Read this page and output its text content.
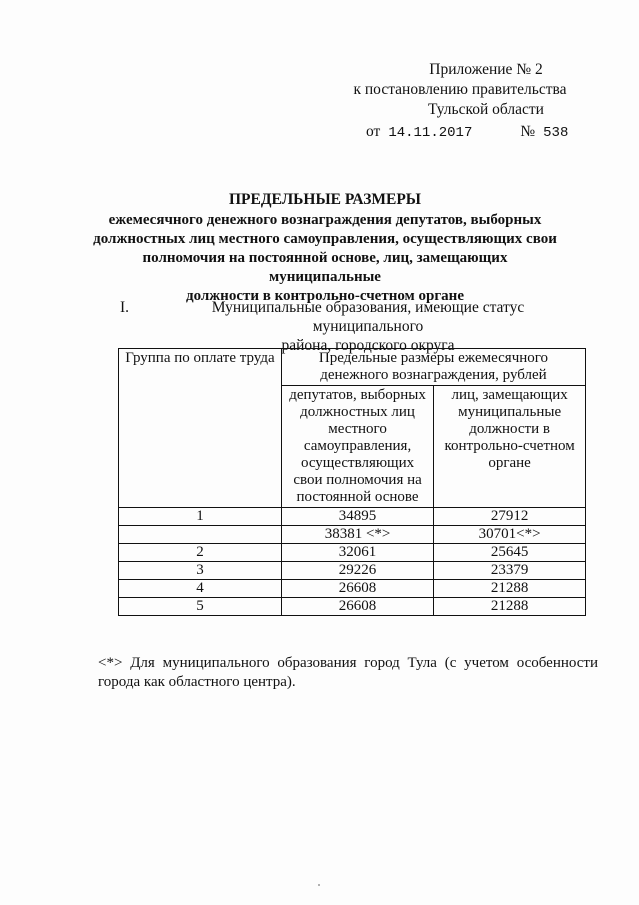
Приложение № 2
к постановлению правительства
Тульской области
от 14.11.2017	№ 538
ПРЕДЕЛЬНЫЕ РАЗМЕРЫ
ежемесячного денежного вознаграждения депутатов, выборных
должностных лиц местного самоуправления, осуществляющих свои
полномочия на постоянной основе, лиц, замещающих муниципальные
должности в контрольно-счетном органе
I.	Муниципальные образования, имеющие статус муниципального
района, городского округа
Группа по оплате труда	Предельные размеры ежемесячного денежного вознаграждения, рублей	
	депутатов, выборных должностных лиц местного самоуправления, осуществляющих свои полномочия на постоянной основе	лиц, замещающих муниципальные должности в контрольно-счетном органе
1	34895	27912
	38381 <*>	30701<*>
2	32061	25645
3	29226	23379
4	26608	21288
5	26608	21288
<*> Для муниципального образования город Тула (с учетом особенности города как областного центра).
